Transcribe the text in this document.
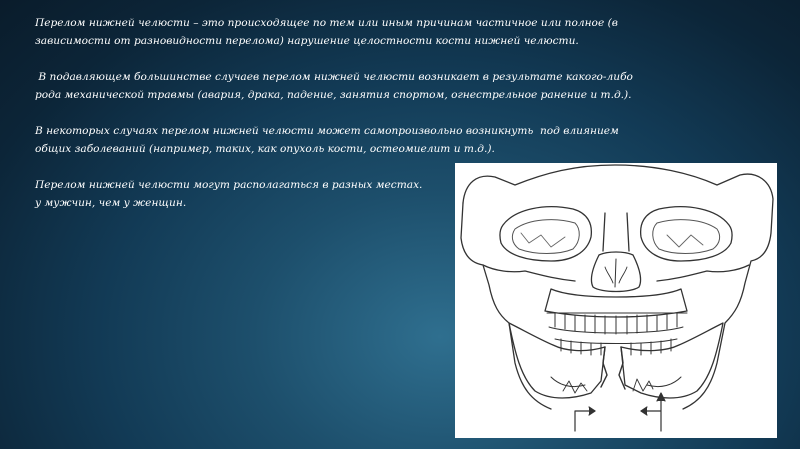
Перелом нижней челюсти – это происходящее по тем или иным причинам частичное или полное (в
зависимости от разновидности перелома) нарушение целостности кости нижней челюсти.

В подавляющем большинстве случаев перелом нижней челюсти возникает в результате какого-либо
рода механической травмы (авария, драка, падение, занятия спортом, огнестрельное ранение и т.д.).

В некоторых случаях перелом нижней челюсти может самопроизвольно возникнуть  под влиянием
общих заболеваний (например, таких, как опухоль кости, остеомиелит и т.д.).

Перелом нижней челюсти могут располагаться в разных местах.
у мужчин, чем у женщин.
